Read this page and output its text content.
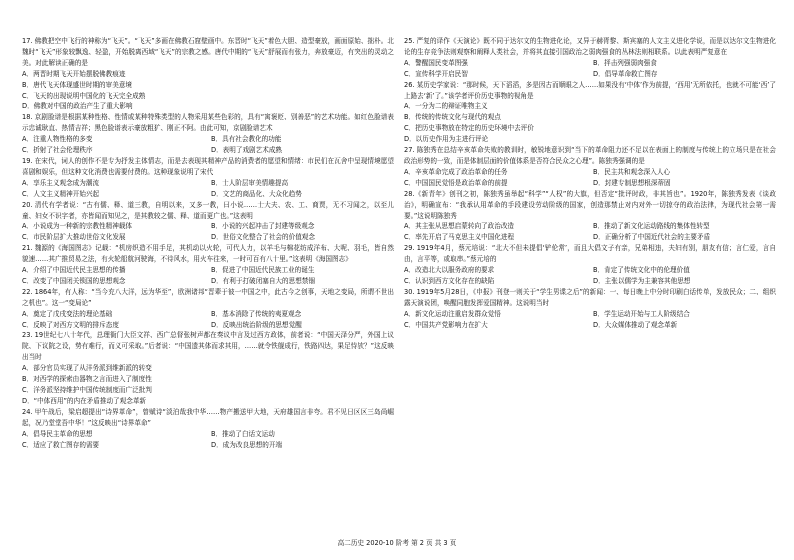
17. 佛教把空中飞行的神称为“飞天”。“飞天”多画在佛教石窟壁画中。东晋时“飞天”着色大胆、造型豪放，画面原始、拙朴。北魏时“飞天”形象较飘逸、轻盈，开始脱离西域“飞天”的宗教之感。唐代中期的“飞天”舒展而有张力，奔放豪迈，有突出的灵动之美。对此解读正确的是

A．两晋时期飞天开始摆脱佛教痕迹
B．唐代飞天体现盛世时期的审美意境
C．飞天的出现说明中国化的飞天完全成熟
D．佛教对中国的政治产生了重大影响

18. 京剧脸谱是根据某种性格、性情或某种特殊类型的人物采用某些色彩的，具有“寓褒贬、别善恶”的艺术功能。如红色脸谱表示忠诚耿直、热情吉祥；黑色脸谱表示豪放粗犷、刚正不阿。由此可知，京剧脸谱艺术

A．注重人物性格的多变	B．具有社会教化的功能
C．折射了社会伦理秩序	D．表明了戏剧艺术成熟

19. 在宋代，词人的创作不是专为抒发主体情志，而是去表现其精神产品的消费者的愿望和情绪：市民们在瓦舍中呈现情境愿望喜剧和娱乐，但这种文化消费也需要付费的。这种现象说明了宋代

A．享乐主义观念成为潮流	B．士人阶层审美情趣提高
C．人文主义精神开始兴起	D．文艺的商品化、大众化趋势

20. 清代有学者说：“古有儒、释、道三教，自明以来，又多一教，曰小说……士大夫、农、工、商贾，无不习闻之，以至儿童、妇女不识字者，亦皆闻而知见之，是其教较之儒、释、道而更广也。”这表明

A．小说成为一种新的宗教性精神载体	B．小说的兴起冲击了封建等级观念
C．市民阶层扩大推动世俗文化发展	D．世俗文化整合了社会的价值观念

21. 魏源的《海国图志》记载：“机房织造不用手足，其机动以火轮，可代人力，以羊毛与棉花纺成洋布、大呢、羽毛，皆自然貌速……其广推贸易之法，有火轮船航河驶海，不待风水，用火车往来，一时可百有八十里。”这表明《海国图志》

A．介绍了中国近代民主思想的传播	B．促进了中国近代民族工业的诞生
C．改变了中国闭关锁国的思想观念	D．有利于打破闭塞自大的思想禁锢

22. 1864年，有人称：“当今充八大洋，远为华至”，欧洲诸邦“晋辈于彼一中国之中，此古今之创事，天地之变局，所谓不世出之机也”。这一“变局论”

A．奠定了戊戌变法的理论基础	B．基本消除了传统的夷夏观念
C．反映了对西方文明的排斥态度	D．反映出统治阶级的思想觉醒

23. 19世纪七八十年代，总理衙门大臣文祥、西广总督张树声都在奏议中言及过西方政体，前者说：“中国天泽分严，外国上议院、下议院之设，势有难行，而义可采取。”后者说：“中国遗其体而求其用，……就令铁舰成行，铁路四达，果足恃欤？”这反映出当时

A．部分官员实现了从洋务派到维新派的转变
B．对西学的探索由器物之言而进入了制度性
C．洋务派坚持维护中国传统制度而广泛批判
D．“中体西用”的内在矛盾推动了观念革新

24. 甲午战后，梁启超提出“诗界革命”，曾赋诗“淡泊哉我中华……物产搬送甲大地，天府雄国言非夸。君不见日区区三岛尚崛起，况乃堂堂吾中华！”这反映出“诗界革命”

A．倡导民主革命的思想	B．推动了白话文运动
C．适应了救亡图存的需要	D．成为改良思想的开端

25. 严复的译作《天演论》既不同于达尔文的生物进化论，又异于赫胥黎、斯宾塞的人文主义进化学说，而是以达尔文生物进化论的生存竞争法则观察和阐释人类社会，并将其直接引国政治之弱肉强食的丛林法则相联系。以此表明严复意在

A．警醒国民变革图强	B．抨击列强弱肉强食
C．宣传科学开启民智	D．倡导革命救亡图存

26. 某历史学家说：“那时候，天下滔滔，多是因古而顺眼之人……如果没有‘中体’作为前提，‘西用’无所依托，也就不可能‘西’了上路去‘新’了。”该学者评价历史事物的视角是

A．一分为二的辩证唯物主义
B．传统的传统文化与现代的观点
C．把历史事物放在特定的历史环境中去评价
D．以历史作用为主进行评论

27. 陈独秀在总结辛亥革命失败的教训时，敏锐地意识到“当下的革命阻力还不足以在表面上的制度与传统上的立场只是在社会政治形势的一致，而是体制层面的价值体系是否符合民众之心理”。陈独秀强调的是

A．辛亥革命完成了政治革命的任务	B．民主共和观念深入人心
C．中国国民觉悟是政治革命的前提	D．封建专制思想根深蒂固

28.《新青年》创刊之初，陈独秀虽举起“科学”“人权”的大旗，但否定“批评时政，非其旨也”。1920年，陈独秀发表《谈政治》，明确宣布：“我承认用革命的手段建设劳动阶级的国家，创造那禁止对内对外一切掠夺的政治法律，为现代社会第一需要。”这说明陈独秀

A．其主张从思想启蒙转向了政治改造	B．推动了新文化运动路线的集体性转型
C．率先开启了马克思主义中国化进程	D．正确分析了中国近代社会的主要矛盾

29. 1919年4月，蔡元培说：“北大不但未提倡‘铲伦常’，而且大倡文子有亲，兄弟相违，夫妇有别，朋友有信；言仁爱，言自由，言平等，或取串。”蔡元培的

A．改造北大以服务政府的要求	B．肯定了传统文化中的伦理价值
C．认识到西方文化存在的缺陷	D．主张以儒学为主兼容其他思想

30. 1919年5月28日，《申报》刊登一则关于“学生男谍之后”的新闻：一、每日晚上中分时印刷白话传单，发放民众；二、组织露天演说团，唤醒同胞发挥爱国精神。这说明当时

A．新文化运动注重启发群众觉悟	B．学生运动开始与工人阶级结合
C．中国共产党影响力在扩大	D．大众媒体推动了观念革新
高二历史 2020-10 阶考 第 2 页 共 3 页
